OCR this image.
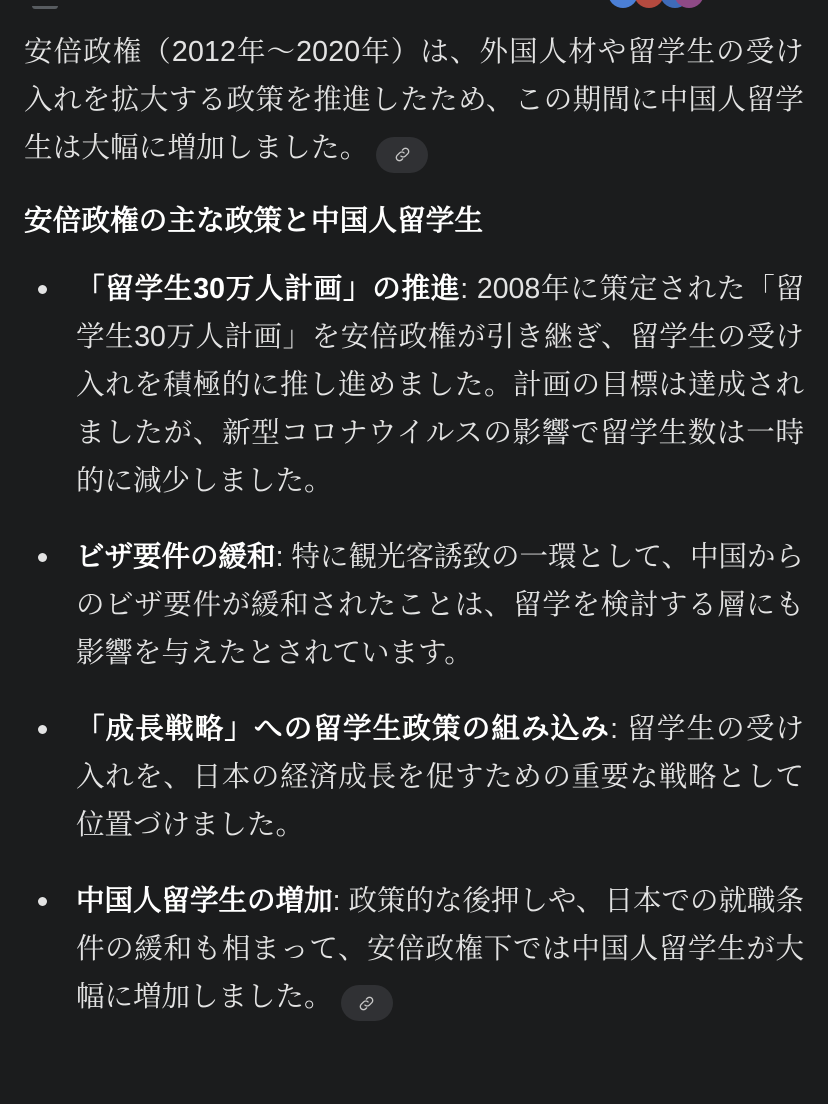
安倍政権（2012年〜2020年）は、外国人材や留学生の受け入れを拡大する政策を推進したため、この期間に中国人留学生は大幅に増加しました。

安倍政権の主な政策と中国人留学生
「留学生30万人計画」の推進: 2008年に策定された「留学生30万人計画」を安倍政権が引き継ぎ、留学生の受け入れを積極的に推し進めました。計画の目標は達成されましたが、新型コロナウイルスの影響で留学生数は一時的に減少しました。
ビザ要件の緩和: 特に観光客誘致の一環として、中国からのビザ要件が緩和されたことは、留学を検討する層にも影響を与えたとされています。
「成長戦略」への留学生政策の組み込み: 留学生の受け入れを、日本の経済成長を促すための重要な戦略として位置づけました。
中国人留学生の増加: 政策的な後押しや、日本での就職条件の緩和も相まって、安倍政権下では中国人留学生が大幅に増加しました。
